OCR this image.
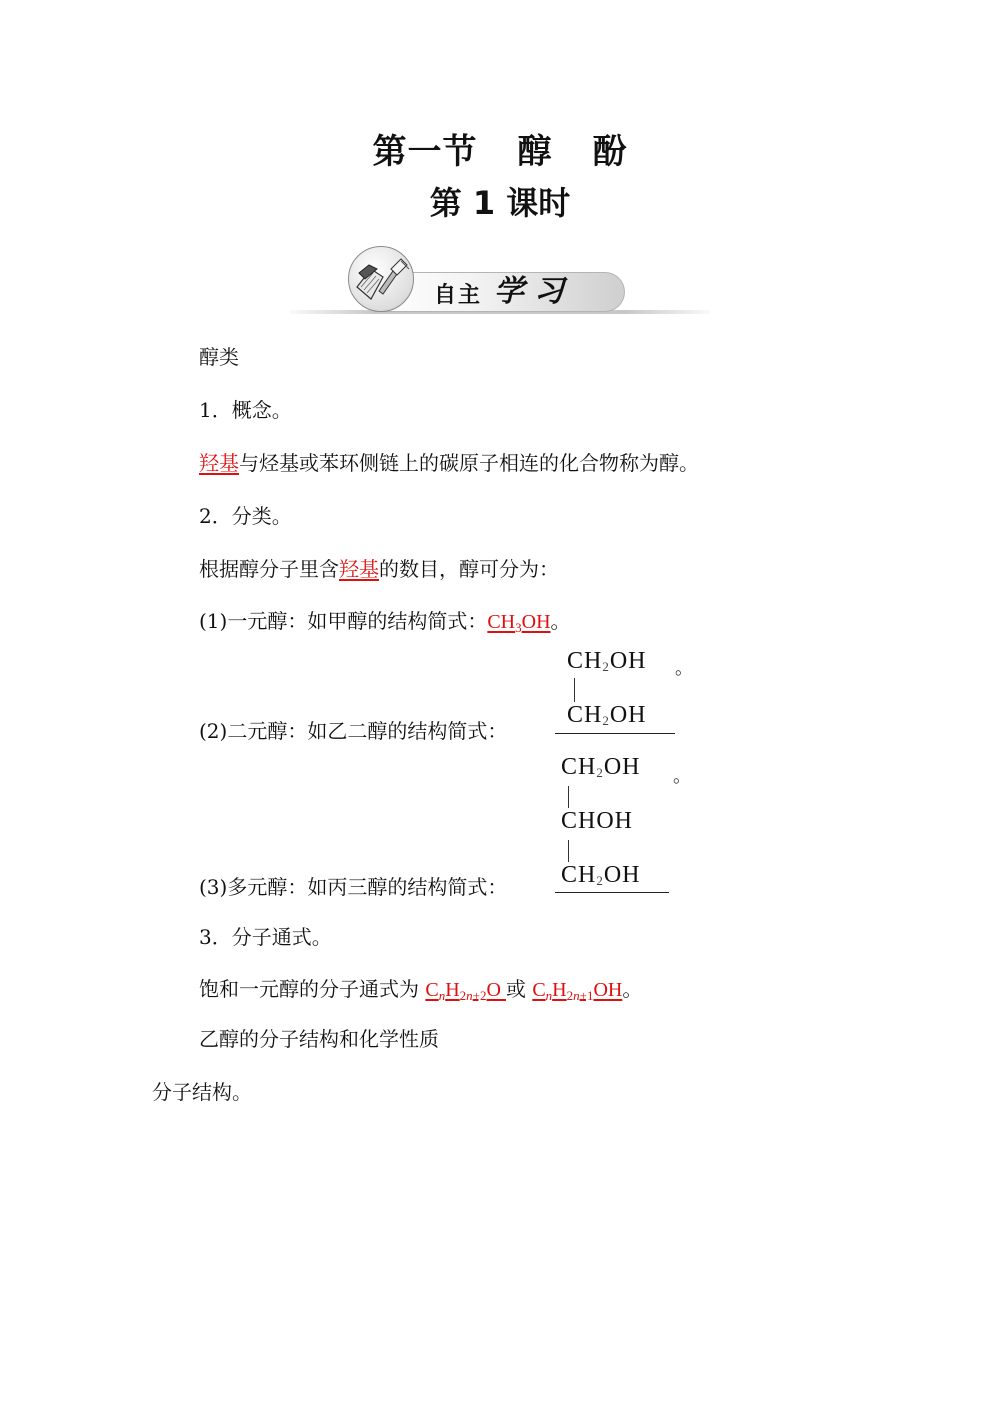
第一节 醇 酚
第 1 课时
自主 学习
醇类
1．概念。
羟基与烃基或苯环侧链上的碳原子相连的化合物称为醇。
2．分类。
根据醇分子里含羟基的数目，醇可分为：
(1)一元醇：如甲醇的结构简式：$CH_3OH$。
(2)二元醇：如乙二醇的结构简式：
$CH_2OH$ 。
$CH_2OH$
(3)多元醇：如丙三醇的结构简式：
$CH_2OH$ 。
CHOH
$CH_2OH$
3．分子通式。
饱和一元醇的分子通式为 $C_nH_{2n+2}O$ 或 $C_nH_{2n+1}OH$。
乙醇的分子结构和化学性质
分子结构。
